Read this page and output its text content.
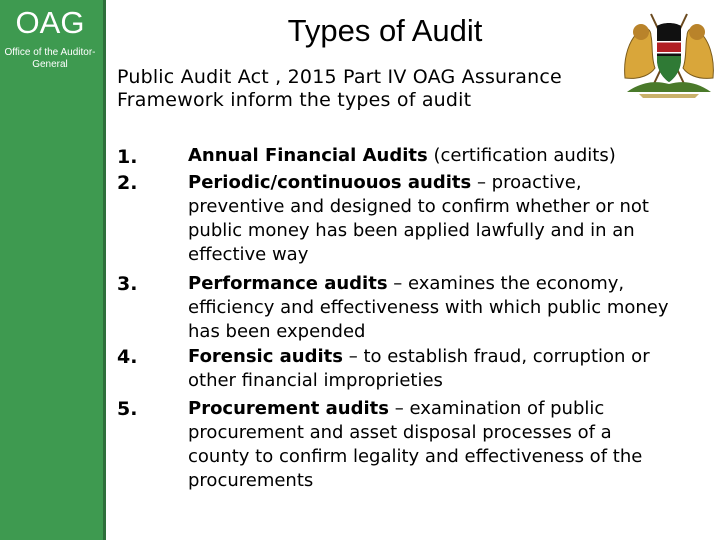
OAG
Office of the Auditor-General
Types of Audit
Public Audit Act , 2015 Part IV OAG Assurance Framework inform the types of audit
1.	Annual Financial Audits (certification audits)
2.	Periodic/continuouos audits – proactive, preventive and designed to confirm whether or not public money has been applied lawfully and in an effective way
3.	Performance audits – examines the economy, efficiency and effectiveness with which public money has been expended
4.	Forensic audits – to establish fraud, corruption or other financial improprieties
5.	Procurement audits – examination of public procurement and asset disposal processes of a county to confirm legality and effectiveness of the procurements
